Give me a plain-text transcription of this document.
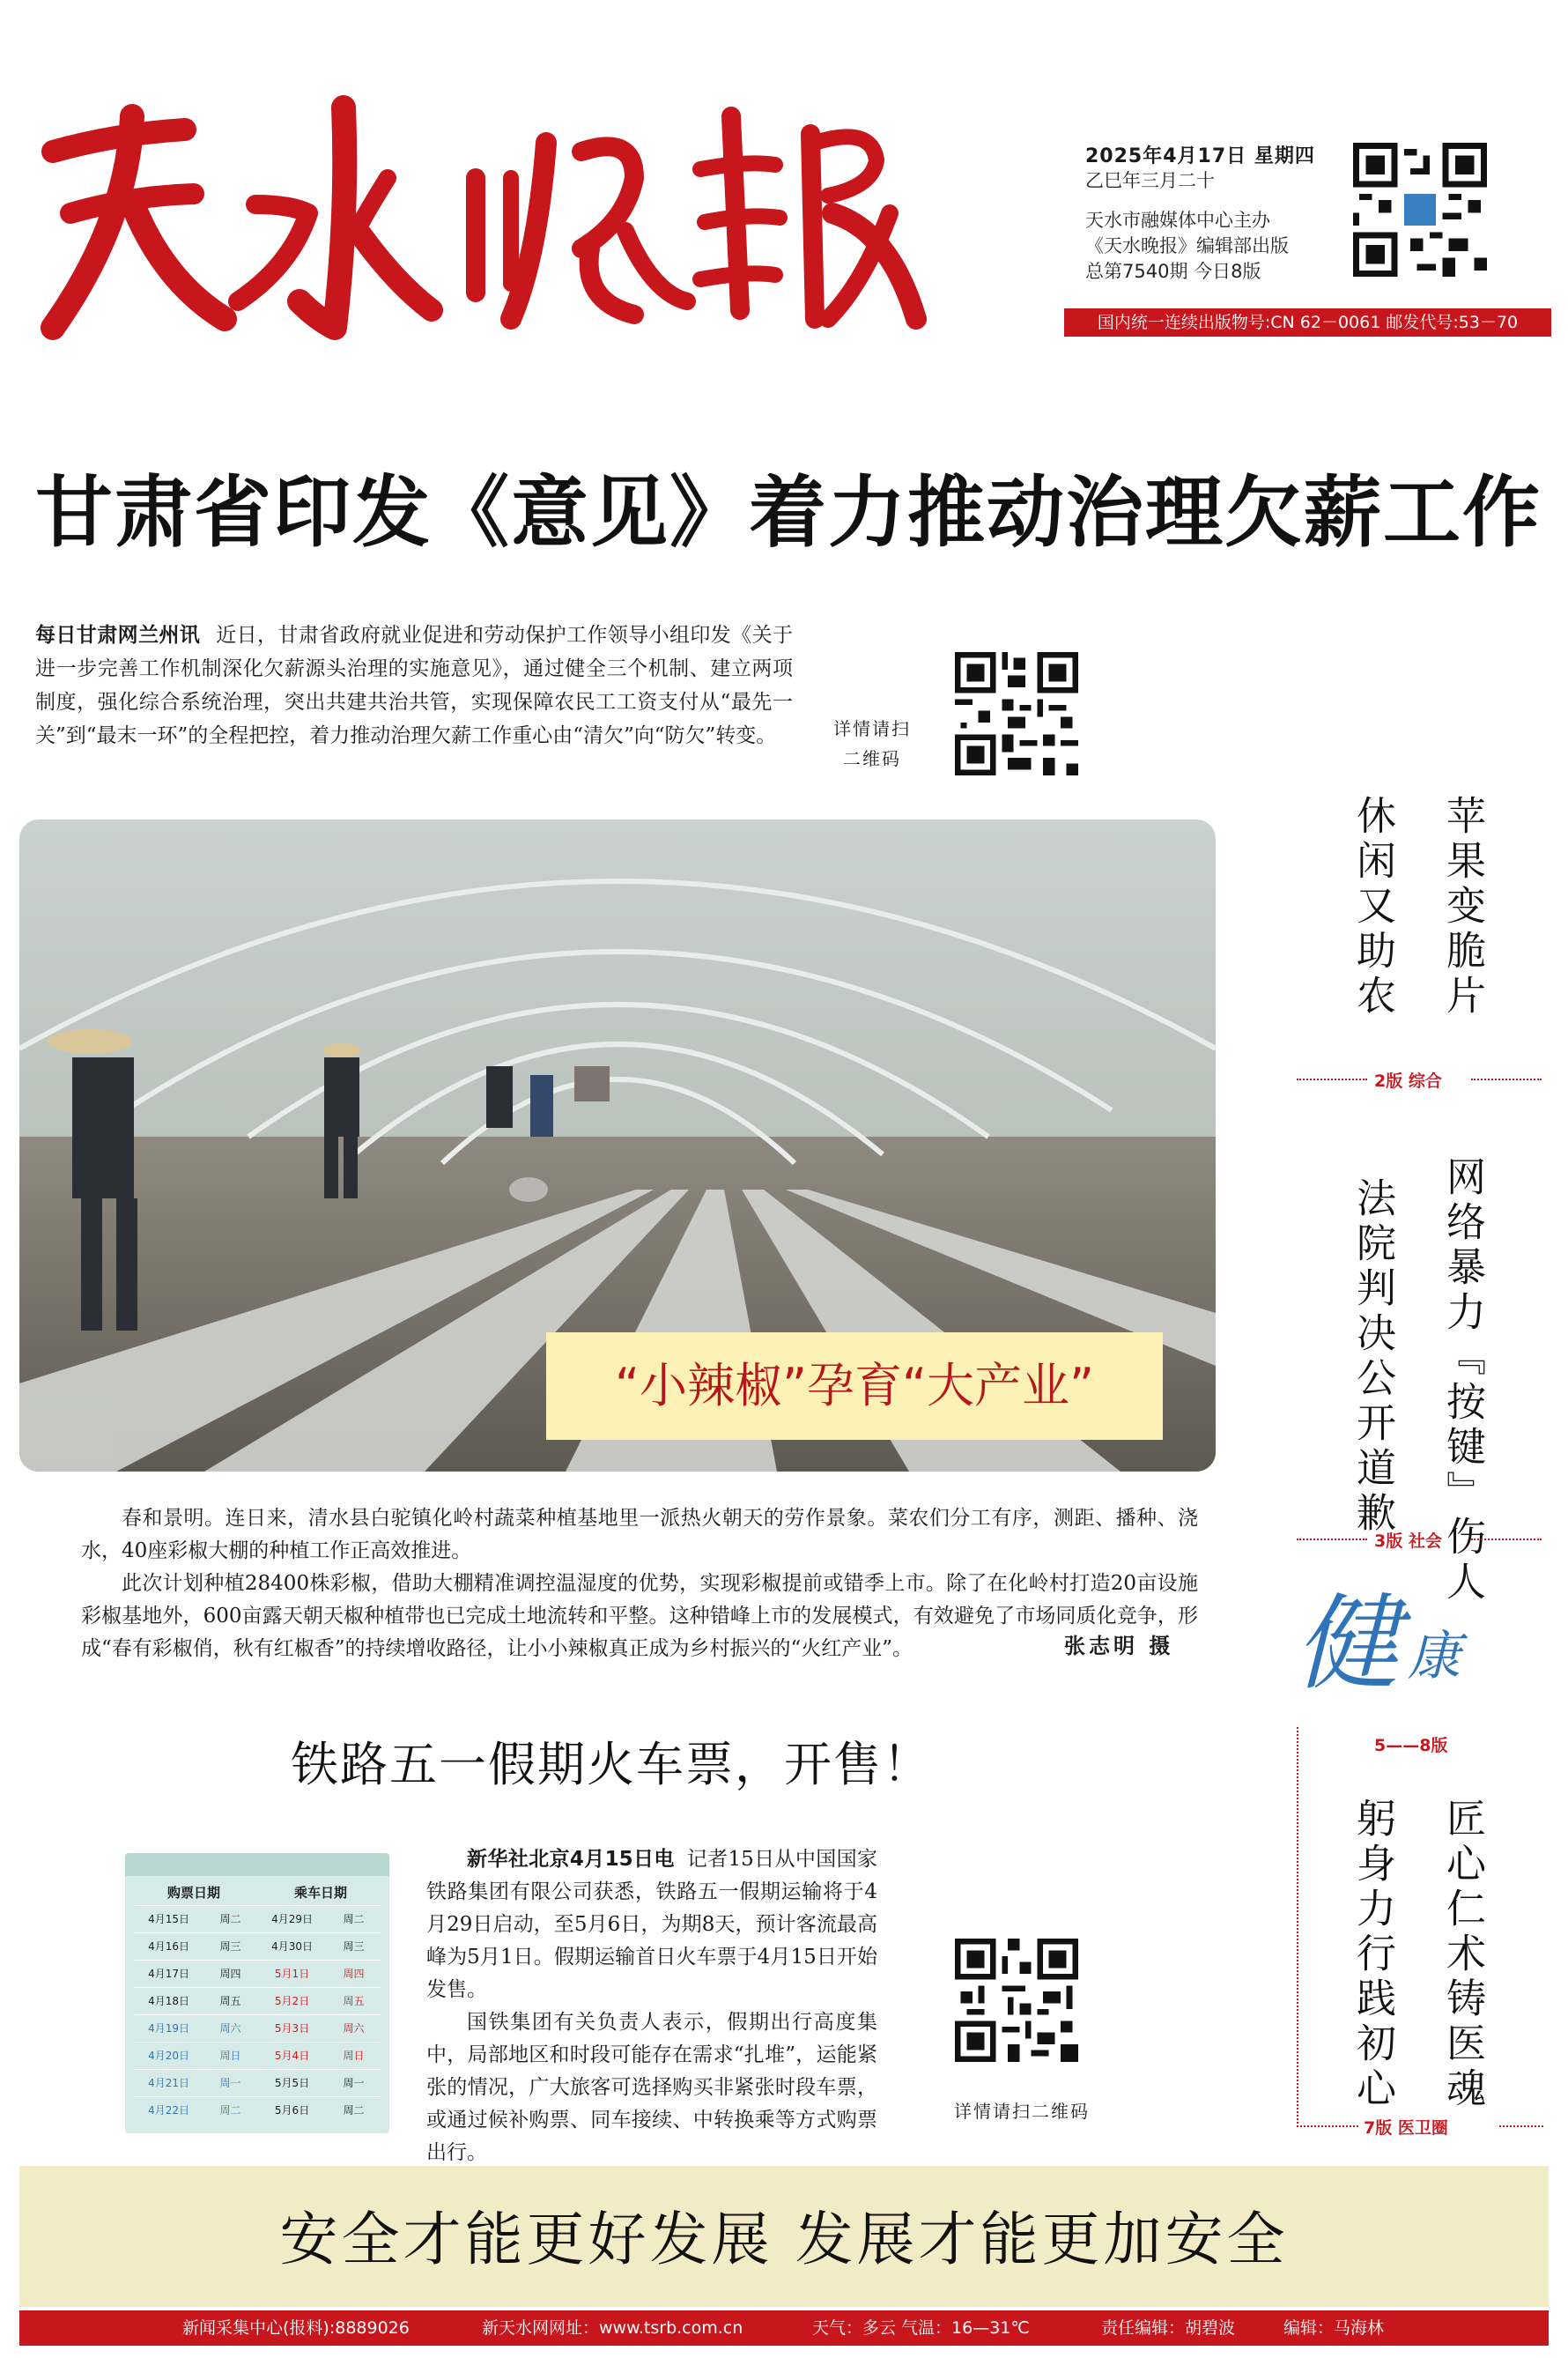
2025年4月17日 星期四
乙巳年三月二十
天水市融媒体中心主办
《天水晚报》编辑部出版
总第7540期 今日8版
国内统一连续出版物号:CN 62－0061 邮发代号:53－70
甘肃省印发《意见》着力推动治理欠薪工作

每日甘肃网兰州讯 近日，甘肃省政府就业促进和劳动保护工作领导小组印发《关于进一步完善工作机制深化欠薪源头治理的实施意见》，通过健全三个机制、建立两项制度，强化综合系统治理，突出共建共治共管，实现保障农民工工资支付从“最先一关”到“最末一环”的全程把控，着力推动治理欠薪工作重心由“清欠”向“防欠”转变。	详情请扫
二维码
“小辣椒”孕育“大产业”

春和景明。连日来，清水县白驼镇化岭村蔬菜种植基地里一派热火朝天的劳作景象。菜农们分工有序，测距、播种、浇水，40座彩椒大棚的种植工作正高效推进。

此次计划种植28400株彩椒，借助大棚精准调控温湿度的优势，实现彩椒提前或错季上市。除了在化岭村打造20亩设施彩椒基地外，600亩露天朝天椒种植带也已完成土地流转和平整。这种错峰上市的发展模式，有效避免了市场同质化竞争，形成“春有彩椒俏，秋有红椒香”的持续增收路径，让小小辣椒真正成为乡村振兴的“火红产业”。	张志明 摄
苹果变脆片
休闲又助农
2版 综合
网络暴力『按键』伤人
法院判决公开道歉
3版 社会
健 康
5——8版
匠心仁术铸医魂
躬身力行践初心
7版 医卫圈
铁路五一假期火车票，开售！
购票日期	乘车日期
4月15日	周二	4月29日	周二
4月16日	周三	4月30日	周三
4月17日	周四	5月1日	周四
4月18日	周五	5月2日	周五
4月19日	周六	5月3日	周六
4月20日	周日	5月4日	周日
4月21日	周一	5月5日	周一
4月22日	周二	5月6日	周二

新华社北京4月15日电 记者15日从中国国家铁路集团有限公司获悉，铁路五一假期运输将于4月29日启动，至5月6日，为期8天，预计客流最高峰为5月1日。假期运输首日火车票于4月15日开始发售。

国铁集团有关负责人表示，假期出行高度集中，局部地区和时段可能存在需求“扎堆”，运能紧张的情况，广大旅客可选择购买非紧张时段车票，或通过候补购票、同车接续、中转换乘等方式购票出行。

详情请扫二维码
安全才能更好发展 发展才能更加安全
新闻采集中心(报料):8889026	新天水网网址：www.tsrb.com.cn	天气：多云 气温：16—31℃	责任编辑：胡碧波	编辑：马海林
